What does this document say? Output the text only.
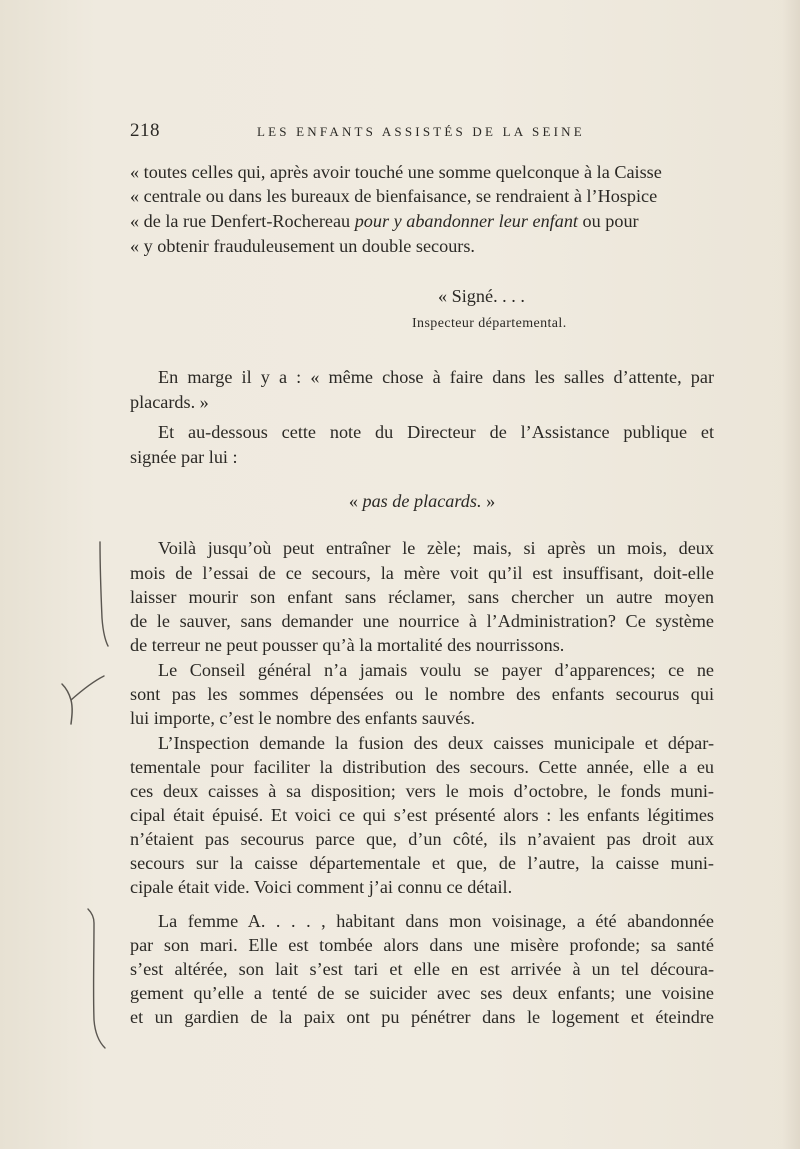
218	LES ENFANTS ASSISTÉS DE LA SEINE
« toutes celles qui, après avoir touché une somme quelconque à la Caisse
« centrale ou dans les bureaux de bienfaisance, se rendraient à l’Hospice
« de la rue Denfert-Rochereau pour y abandonner leur enfant ou pour
« y obtenir frauduleusement un double secours.
« Signé. . . .
Inspecteur départemental.
En marge il y a : « même chose à faire dans les salles d’attente, par
placards. »
Et au-dessous cette note du Directeur de l’Assistance publique et
signée par lui :
« pas de placards. »
Voilà jusqu’où peut entraîner le zèle; mais, si après un mois, deux
mois de l’essai de ce secours, la mère voit qu’il est insuffisant, doit-elle
laisser mourir son enfant sans réclamer, sans chercher un autre moyen
de le sauver, sans demander une nourrice à l’Administration? Ce système
de terreur ne peut pousser qu’à la mortalité des nourrissons.
Le Conseil général n’a jamais voulu se payer d’apparences; ce ne
sont pas les sommes dépensées ou le nombre des enfants secourus qui
lui importe, c’est le nombre des enfants sauvés.
L’Inspection demande la fusion des deux caisses municipale et dépar-
tementale pour faciliter la distribution des secours. Cette année, elle a eu
ces deux caisses à sa disposition; vers le mois d’octobre, le fonds muni-
cipal était épuisé. Et voici ce qui s’est présenté alors : les enfants légitimes
n’étaient pas secourus parce que, d’un côté, ils n’avaient pas droit aux
secours sur la caisse départementale et que, de l’autre, la caisse muni-
cipale était vide. Voici comment j’ai connu ce détail.
La femme A. . . . , habitant dans mon voisinage, a été abandonnée
par son mari. Elle est tombée alors dans une misère profonde; sa santé
s’est altérée, son lait s’est tari et elle en est arrivée à un tel découra-
gement qu’elle a tenté de se suicider avec ses deux enfants; une voisine
et un gardien de la paix ont pu pénétrer dans le logement et éteindre
